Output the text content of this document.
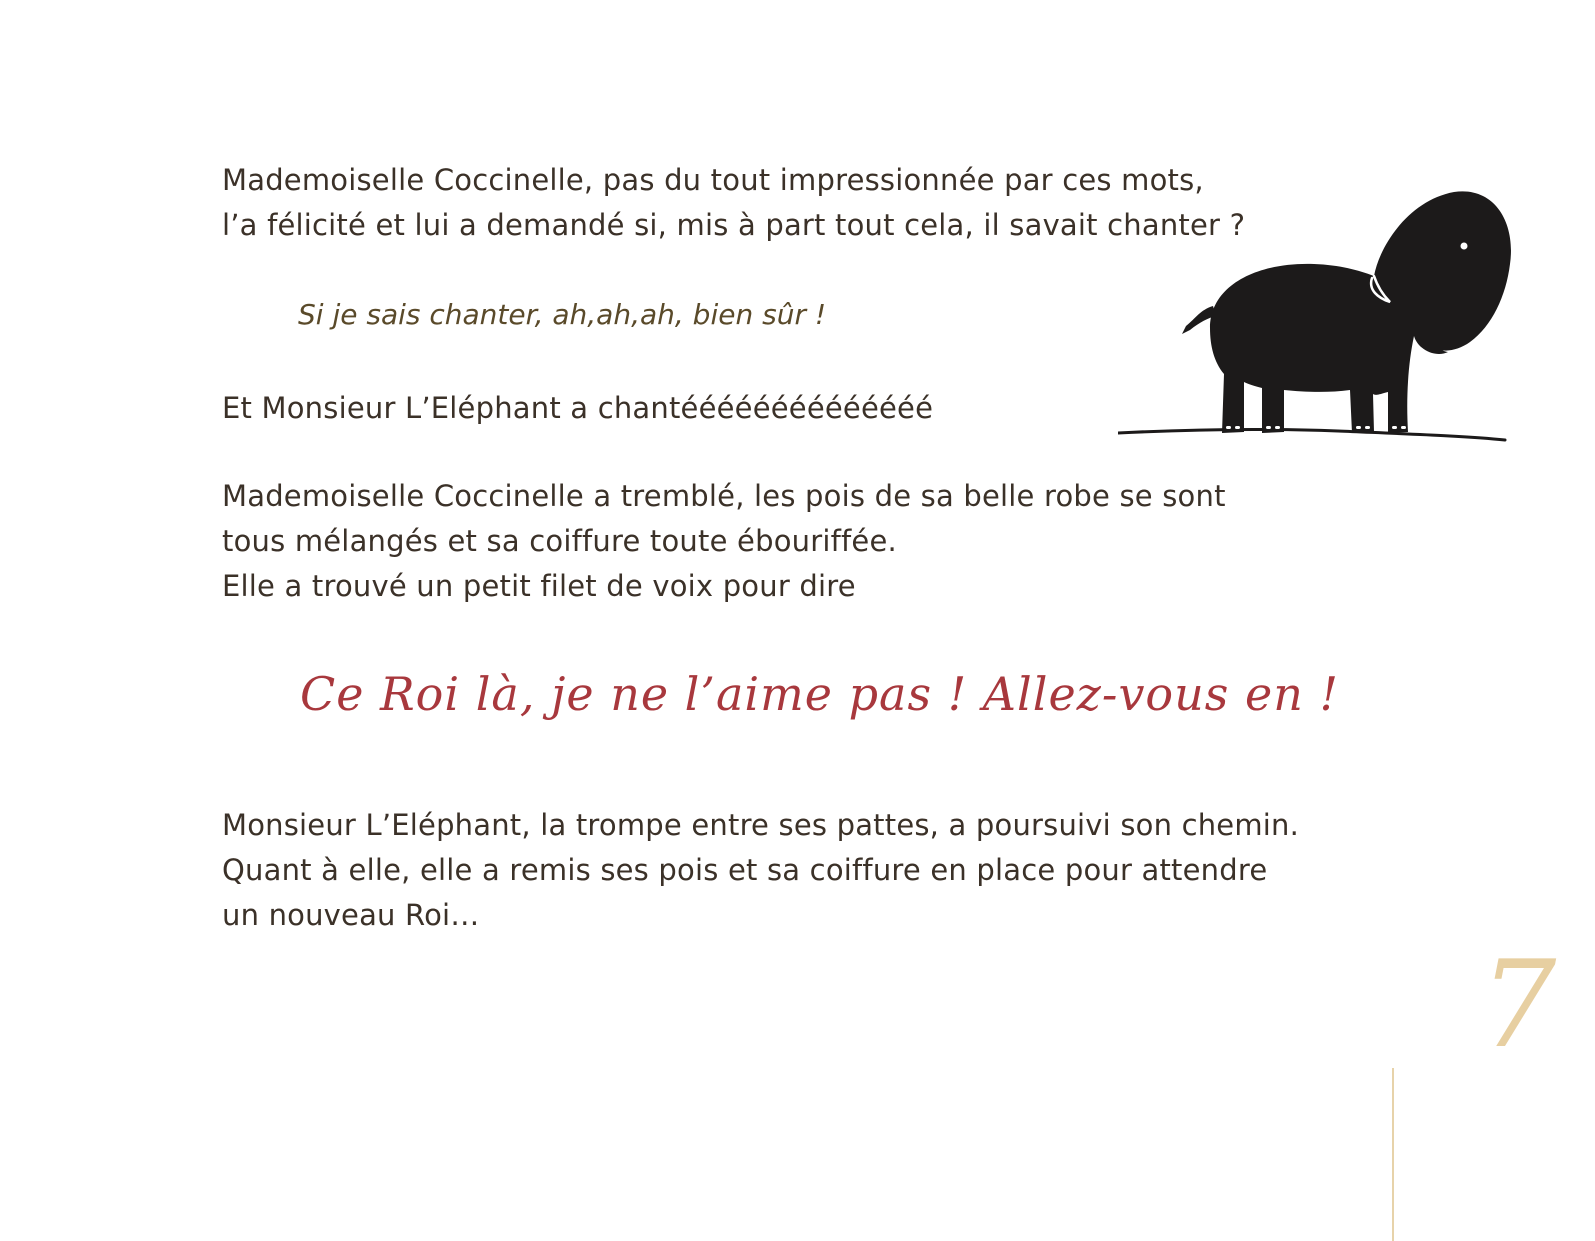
Mademoiselle Coccinelle, pas du tout impressionnée par ces mots,
l’a félicité et lui a demandé si, mis à part tout cela, il savait chanter ?

Si je sais chanter, ah,ah,ah, bien sûr !

Et Monsieur L’Eléphant a chantéééééééééééééé

Mademoiselle Coccinelle a tremblé, les pois de sa belle robe se sont
tous mélangés et sa coiffure toute ébouriffée.
Elle a trouvé un petit filet de voix pour dire

Ce Roi là, je ne l’aime pas ! Allez-vous en !

Monsieur L’Eléphant, la trompe entre ses pattes, a poursuivi son chemin.
Quant à elle, elle a remis ses pois et sa coiffure en place pour attendre
un nouveau Roi…

7
